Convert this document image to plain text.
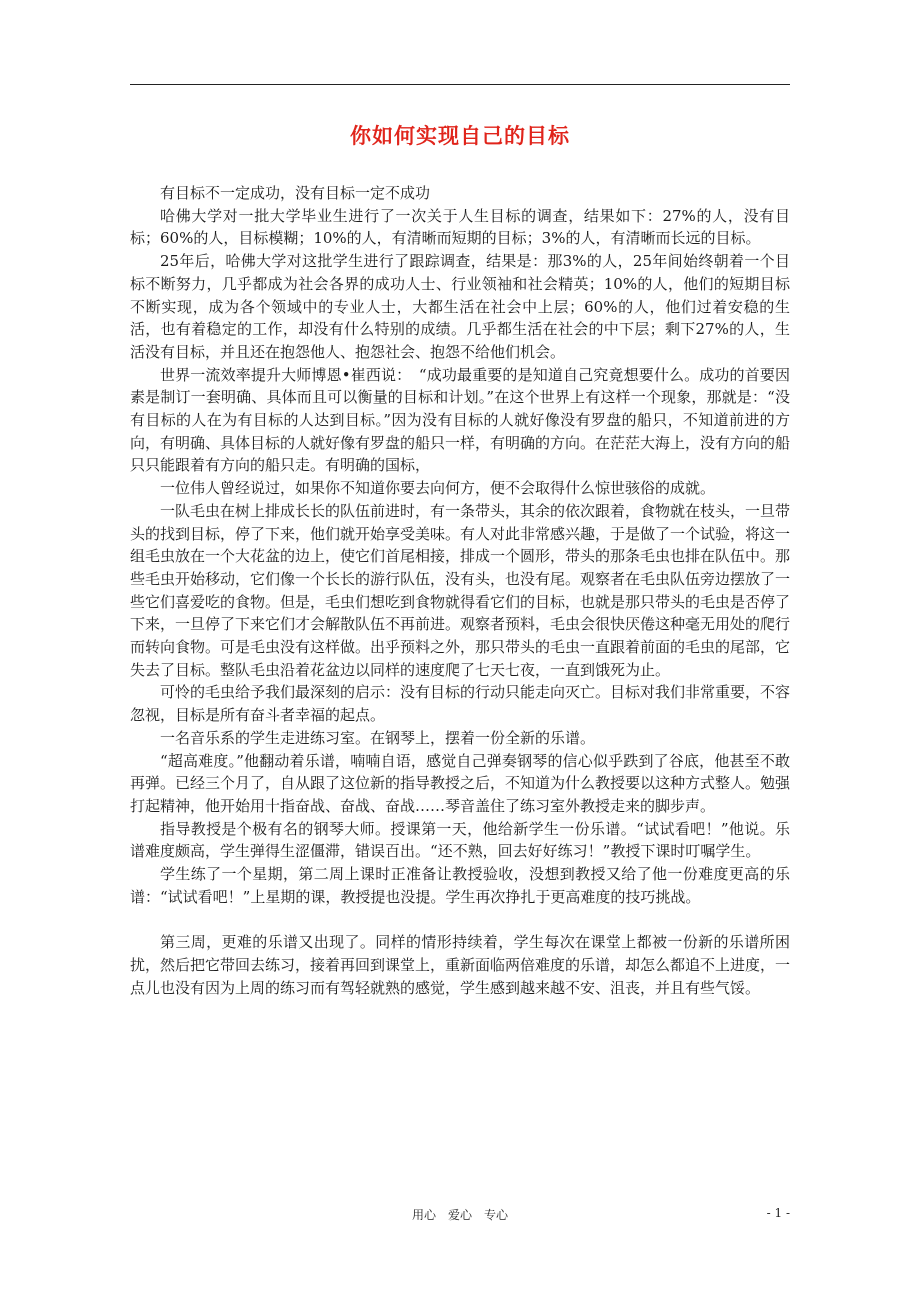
你如何实现自己的目标

有目标不一定成功，没有目标一定不成功

哈佛大学对一批大学毕业生进行了一次关于人生目标的调查，结果如下：27%的人，没有目标；60%的人，目标模糊；10%的人，有清晰而短期的目标；3%的人，有清晰而长远的目标。

25年后，哈佛大学对这批学生进行了跟踪调查，结果是：那3%的人，25年间始终朝着一个目标不断努力，几乎都成为社会各界的成功人士、行业领袖和社会精英；10%的人，他们的短期目标不断实现，成为各个领域中的专业人士，大都生活在社会中上层；60%的人，他们过着安稳的生活，也有着稳定的工作，却没有什么特别的成绩。几乎都生活在社会的中下层；剩下27%的人，生活没有目标，并且还在抱怨他人、抱怨社会、抱怨不给他们机会。

世界一流效率提升大师博恩•崔西说：　“成功最重要的是知道自己究竟想要什么。成功的首要因素是制订一套明确、具体而且可以衡量的目标和计划。”在这个世界上有这样一个现象，那就是：“没有目标的人在为有目标的人达到目标。”因为没有目标的人就好像没有罗盘的船只，不知道前进的方向，有明确、具体目标的人就好像有罗盘的船只一样，有明确的方向。在茫茫大海上，没有方向的船只只能跟着有方向的船只走。有明确的国标，

一位伟人曾经说过，如果你不知道你要去向何方，便不会取得什么惊世骇俗的成就。

一队毛虫在树上排成长长的队伍前进时，有一条带头，其余的依次跟着，食物就在枝头，一旦带头的找到目标，停了下来，他们就开始享受美味。有人对此非常感兴趣，于是做了一个试验，将这一组毛虫放在一个大花盆的边上，使它们首尾相接，排成一个圆形，带头的那条毛虫也排在队伍中。那些毛虫开始移动，它们像一个长长的游行队伍，没有头，也没有尾。观察者在毛虫队伍旁边摆放了一些它们喜爱吃的食物。但是，毛虫们想吃到食物就得看它们的目标，也就是那只带头的毛虫是否停了下来，一旦停了下来它们才会解散队伍不再前进。观察者预料，毛虫会很快厌倦这种毫无用处的爬行而转向食物。可是毛虫没有这样做。出乎预料之外，那只带头的毛虫一直跟着前面的毛虫的尾部，它失去了目标。整队毛虫沿着花盆边以同样的速度爬了七天七夜，一直到饿死为止。

可怜的毛虫给予我们最深刻的启示：没有目标的行动只能走向灭亡。目标对我们非常重要，不容忽视，目标是所有奋斗者幸福的起点。

一名音乐系的学生走进练习室。在钢琴上，摆着一份全新的乐谱。

“超高难度。”他翻动着乐谱，喃喃自语，感觉自己弹奏钢琴的信心似乎跌到了谷底，他甚至不敢再弹。已经三个月了，自从跟了这位新的指导教授之后，不知道为什么教授要以这种方式整人。勉强打起精神，他开始用十指奋战、奋战、奋战……琴音盖住了练习室外教授走来的脚步声。

指导教授是个极有名的钢琴大师。授课第一天，他给新学生一份乐谱。“试试看吧！”他说。乐谱难度颇高，学生弹得生涩僵滞，错误百出。“还不熟，回去好好练习！”教授下课时叮嘱学生。

学生练了一个星期，第二周上课时正准备让教授验收，没想到教授又给了他一份难度更高的乐谱：“试试看吧！”上星期的课，教授提也没提。学生再次挣扎于更高难度的技巧挑战。

第三周，更难的乐谱又出现了。同样的情形持续着，学生每次在课堂上都被一份新的乐谱所困扰，然后把它带回去练习，接着再回到课堂上，重新面临两倍难度的乐谱，却怎么都追不上进度，一点儿也没有因为上周的练习而有驾轻就熟的感觉，学生感到越来越不安、沮丧，并且有些气馁。

用心　爱心　专心	- 1 -
